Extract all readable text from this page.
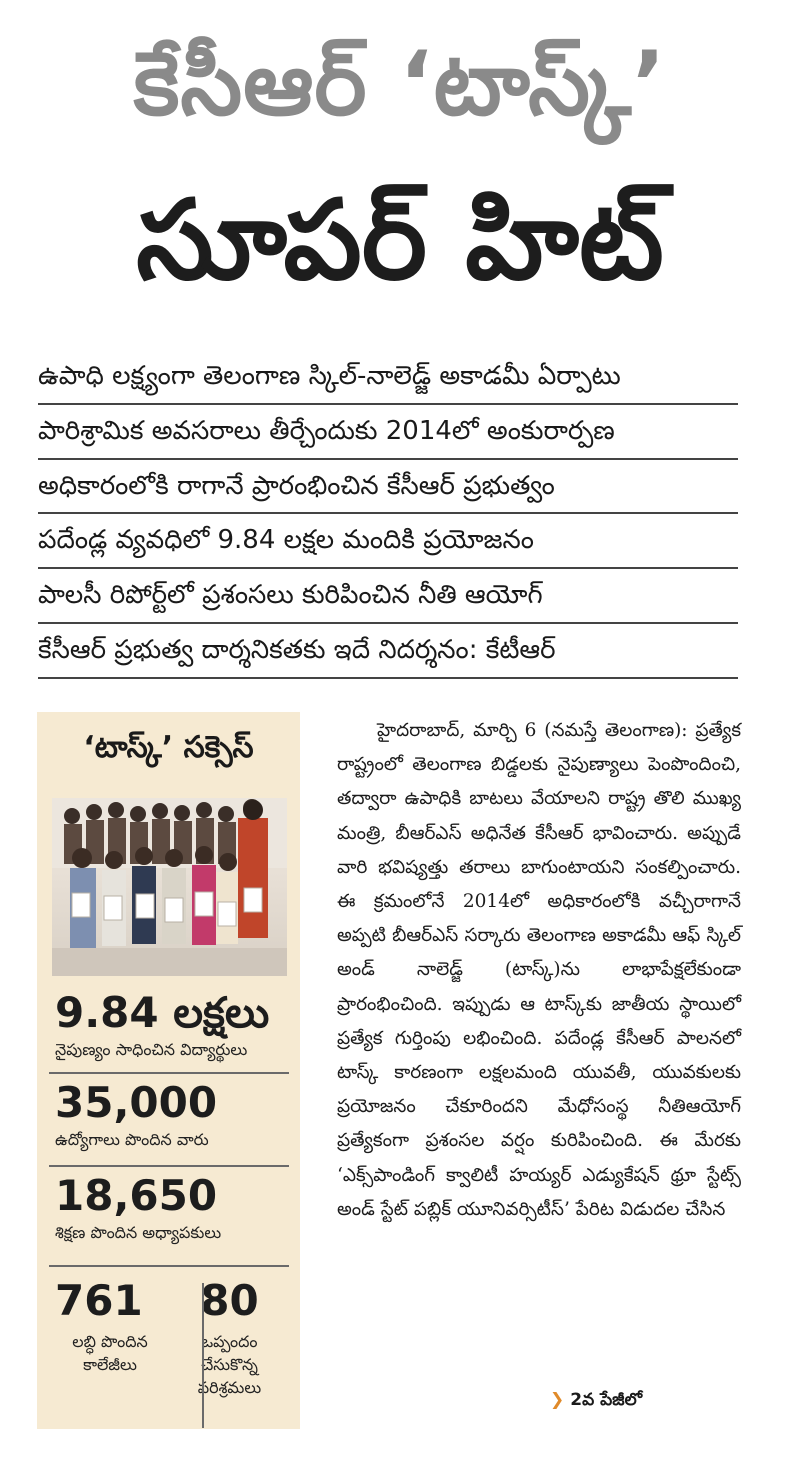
కేసీఆర్ ‘టాస్క్’
సూపర్ హిట్
ఉపాధి లక్ష్యంగా తెలంగాణ స్కిల్-నాలెడ్జ్ అకాడమీ ఏర్పాటు
పారిశ్రామిక అవసరాలు తీర్చేందుకు 2014లో అంకురార్పణ
అధికారంలోకి రాగానే ప్రారంభించిన కేసీఆర్ ప్రభుత్వం
పదేండ్ల వ్యవధిలో 9.84 లక్షల మందికి ప్రయోజనం
పాలసీ రిపోర్ట్‌లో ప్రశంసలు కురిపించిన నీతి ఆయోగ్
కేసీఆర్ ప్రభుత్వ దార్శనికతకు ఇదే నిదర్శనం: కేటీఆర్
‘టాస్క్’ సక్సెస్
9.84 లక్షలు
నైపుణ్యం సాధించిన విద్యార్థులు
35,000
ఉద్యోగాలు పొందిన వారు
18,650
శిక్షణ పొందిన అధ్యాపకులు
761
లబ్ధి పొందిన కాలేజీలు
80
ఒప్పందం చేసుకొన్న పరిశ్రమలు

హైదరాబాద్, మార్చి 6 (నమస్తే తెలంగాణ): ప్రత్యేక రాష్ట్రంలో తెలంగాణ బిడ్డలకు నైపుణ్యాలు పెంపొందించి, తద్వారా ఉపాధికి బాటలు వేయాలని రాష్ట్ర తొలి ముఖ్య మంత్రి, బీఆర్‌ఎస్ అధినేత కేసీఆర్ భావించారు. అప్పుడే వారి భవిష్యత్తు తరాలు బాగుంటాయని సంకల్పించారు. ఈ క్రమంలోనే 2014లో అధికారంలోకి వచ్చీరాగానే అప్పటి బీఆర్‌ఎస్ సర్కారు తెలంగాణ అకాడమీ ఆఫ్ స్కిల్ అండ్ నాలెడ్జ్ (టాస్క్)ను లాభాపేక్షలేకుండా ప్రారంభించింది. ఇప్పుడు ఆ టాస్క్‌కు జాతీయ స్థాయిలో ప్రత్యేక గుర్తింపు లభించింది. పదేండ్ల కేసీఆర్ పాలనలో టాస్క్ కారణంగా లక్షలమంది యువతీ, యువకులకు ప్రయోజనం చేకూరిందని మేధోసంస్థ నీతిఆయోగ్ ప్రత్యేకంగా ప్రశంసల వర్షం కురిపించింది. ఈ మేరకు ‘ఎక్స్‌పాండింగ్ క్వాలిటీ హయ్యర్ ఎడ్యుకేషన్ థ్రూ స్టేట్స్ అండ్ స్టేట్ పబ్లిక్ యూనివర్సిటీస్’ పేరిట విడుదల చేసిన

❯ 2వ పేజీలో
